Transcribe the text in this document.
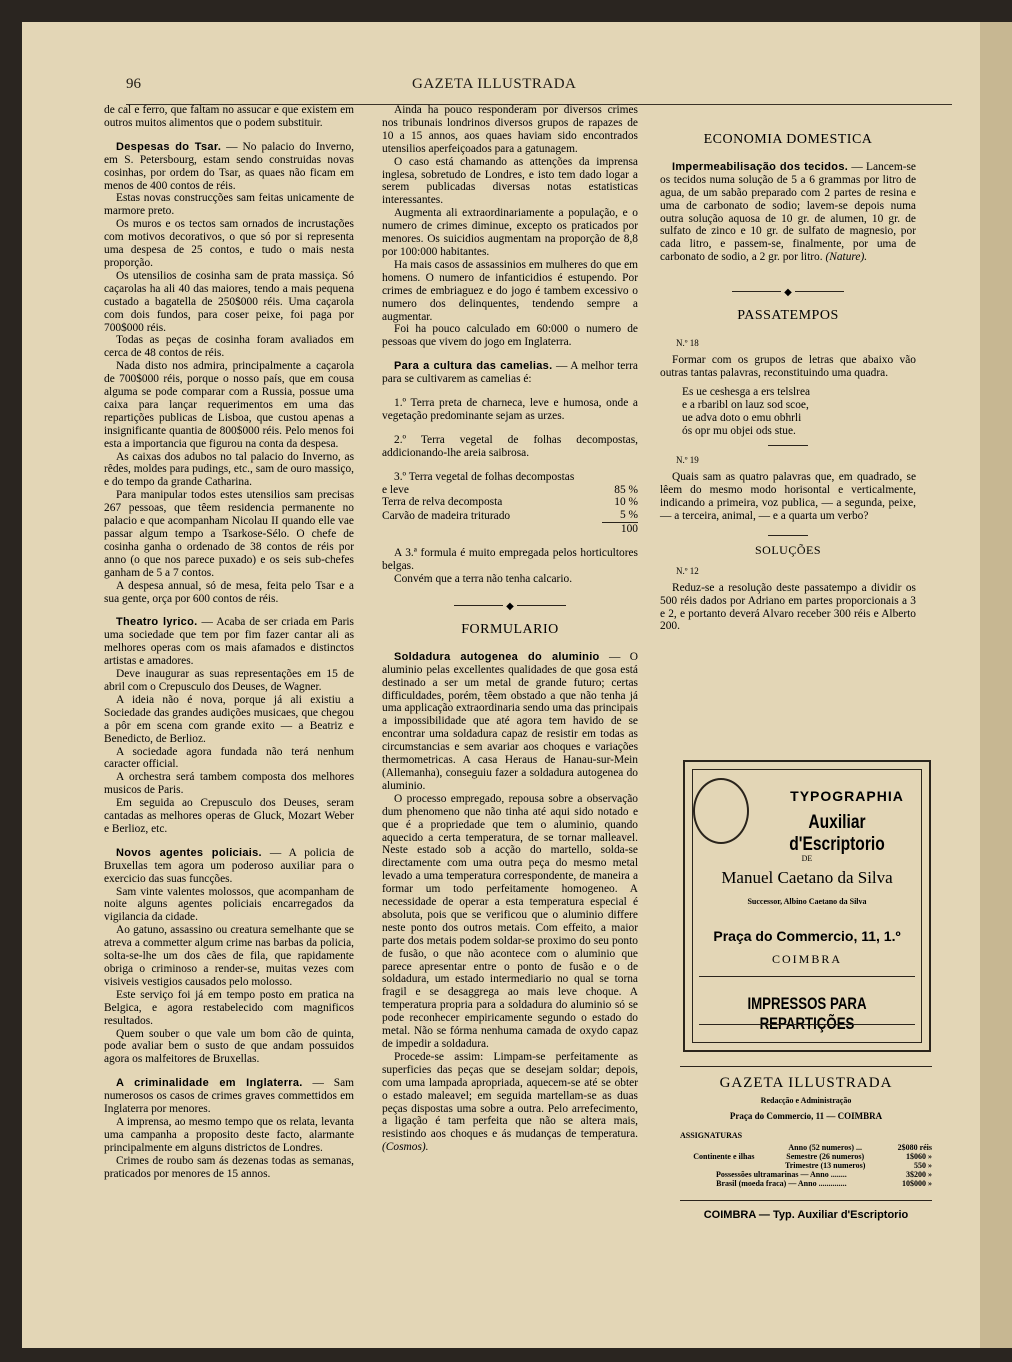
96	GAZETA ILLUSTRADA

de cal e ferro, que faltam no assucar e que existem em outros muitos alimentos que o podem substituir.

Despesas do Tsar. — No palacio do Inverno, em S. Petersbourg, estam sendo construidas novas cosinhas, por ordem do Tsar, as quaes não ficam em menos de 400 contos de réis.

Estas novas construcções sam feitas unicamente de marmore preto.

Os muros e os tectos sam ornados de incrustações com motivos decorativos, o que só por si representa uma despesa de 25 contos, e tudo o mais nesta proporção.

Os utensilios de cosinha sam de prata massiça. Só caçarolas ha ali 40 das maiores, tendo a mais pequena custado a bagatella de 250$000 réis. Uma caçarola com dois fundos, para coser peixe, foi paga por 700$000 réis.

Todas as peças de cosinha foram avaliados em cerca de 48 contos de réis.

Nada disto nos admira, principalmente a caçarola de 700$000 réis, porque o nosso país, que em cousa alguma se pode comparar com a Russia, possue uma caixa para lançar requerimentos em uma das repartições publicas de Lisboa, que custou apenas a insignificante quantia de 800$000 réis. Pelo menos foi esta a importancia que figurou na conta da despesa.

As caixas dos adubos no tal palacio do Inverno, as rêdes, moldes para pudings, etc., sam de ouro massiço, e do tempo da grande Catharina.

Para manipular todos estes utensilios sam precisas 267 pessoas, que têem residencia permanente no palacio e que acompanham Nicolau II quando elle vae passar algum tempo a Tsarkose-Sélo. O chefe de cosinha ganha o ordenado de 38 contos de réis por anno (o que nos parece puxado) e os seis sub-chefes ganham de 5 a 7 contos.

A despesa annual, só de mesa, feita pelo Tsar e a sua gente, orça por 600 contos de réis.

Theatro lyrico. — Acaba de ser criada em Paris uma sociedade que tem por fim fazer cantar ali as melhores operas com os mais afamados e distinctos artistas e amadores.

Deve inaugurar as suas representações em 15 de abril com o Crepusculo dos Deuses, de Wagner.

A ideia não é nova, porque já ali existiu a Sociedade das grandes audições musicaes, que chegou a pôr em scena com grande exito — a Beatriz e Benedicto, de Berlioz.

A sociedade agora fundada não terá nenhum caracter official.

A orchestra será tambem composta dos melhores musicos de Paris.

Em seguida ao Crepusculo dos Deuses, seram cantadas as melhores operas de Gluck, Mozart Weber e Berlioz, etc.

Novos agentes policiais. — A policia de Bruxellas tem agora um poderoso auxiliar para o exercicio das suas funcções.

Sam vinte valentes molossos, que acompanham de noite alguns agentes policiais encarregados da vigilancia da cidade.

Ao gatuno, assassino ou creatura semelhante que se atreva a commetter algum crime nas barbas da policia, solta-se-lhe um dos cães de fila, que rapidamente obriga o criminoso a render-se, muitas vezes com visiveis vestigios causados pelo molosso.

Este serviço foi já em tempo posto em pratica na Belgica, e agora restabelecido com magnificos resultados.

Quem souber o que vale um bom cão de quinta, pode avaliar bem o susto de que andam possuidos agora os malfeitores de Bruxellas.

A criminalidade em Inglaterra. — Sam numerosos os casos de crimes graves commettidos em Inglaterra por menores.

A imprensa, ao mesmo tempo que os relata, levanta uma campanha a proposito deste facto, alarmante principalmente em alguns districtos de Londres.

Crimes de roubo sam ás dezenas todas as semanas, praticados por menores de 15 annos.

Ainda ha pouco responderam por diversos crimes nos tribunais londrinos diversos grupos de rapazes de 10 a 15 annos, aos quaes haviam sido encontrados utensilios aperfeiçoados para a gatunagem.

O caso está chamando as attenções da imprensa inglesa, sobretudo de Londres, e isto tem dado logar a serem publicadas diversas notas estatisticas interessantes.

Augmenta ali extraordinariamente a população, e o numero de crimes diminue, excepto os praticados por menores. Os suicidios augmentam na proporção de 8,8 por 100:000 habitantes.

Ha mais casos de assassinios em mulheres do que em homens. O numero de infanticidios é estupendo. Por crimes de embriaguez e do jogo é tambem excessivo o numero dos delinquentes, tendendo sempre a augmentar.

Foi ha pouco calculado em 60:000 o numero de pessoas que vivem do jogo em Inglaterra.

Para a cultura das camelias. — A melhor terra para se cultivarem as camelias é:

1.º Terra preta de charneca, leve e humosa, onde a vegetação predominante sejam as urzes.

2.º Terra vegetal de folhas decompostas, addicionando-lhe areia saibrosa.

3.º Terra vegetal de folhas decompostas

e leve	85 %
Terra de relva decomposta	10 %
Carvão de madeira triturado	5 %
	100

A 3.ª formula é muito empregada pelos horticultores belgas.

Convém que a terra não tenha calcario.

◆
FORMULARIO

Soldadura autogenea do aluminio — O aluminio pelas excellentes qualidades de que gosa está destinado a ser um metal de grande futuro; certas difficuldades, porém, têem obstado a que não tenha já uma applicação extraordinaria sendo uma das principais a impossibilidade que até agora tem havido de se encontrar uma soldadura capaz de resistir em todas as circumstancias e sem avariar aos choques e variações thermometricas. A casa Heraus de Hanau-sur-Mein (Allemanha), conseguiu fazer a soldadura autogenea do aluminio.

O processo empregado, repousa sobre a observação dum phenomeno que não tinha até aqui sido notado e que é a propriedade que tem o aluminio, quando aquecido a certa temperatura, de se tornar malleavel. Neste estado sob a acção do martello, solda-se directamente com uma outra peça do mesmo metal levado a uma temperatura correspondente, de maneira a formar um todo perfeitamente homogeneo. A necessidade de operar a esta temperatura especial é absoluta, pois que se verificou que o aluminio differe neste ponto dos outros metais. Com effeito, a maior parte dos metais podem soldar-se proximo do seu ponto de fusão, o que não acontece com o aluminio que parece apresentar entre o ponto de fusão e o de soldadura, um estado intermediario no qual se torna fragil e se desaggrega ao mais leve choque. A temperatura propria para a soldadura do aluminio só se pode reconhecer empiricamente segundo o estado do metal. Não se fórma nenhuma camada de oxydo capaz de impedir a soldadura.

Procede-se assim: Limpam-se perfeitamente as superficies das peças que se desejam soldar; depois, com uma lampada apropriada, aquecem-se até se obter o estado maleavel; em seguida martellam-se as duas peças dispostas uma sobre a outra. Pelo arrefecimento, a ligação é tam perfeita que não se altera mais, resistindo aos choques e ás mudanças de temperatura. (Cosmos).

ECONOMIA DOMESTICA

Impermeabilisação dos tecidos. — Lancem-se os tecidos numa solução de 5 a 6 grammas por litro de agua, de um sabão preparado com 2 partes de resina e uma de carbonato de sodio; lavem-se depois numa outra solução aquosa de 10 gr. de alumen, 10 gr. de sulfato de zinco e 10 gr. de sulfato de magnesio, por cada litro, e passem-se, finalmente, por uma de carbonato de sodio, a 2 gr. por litro. (Nature).

◆
PASSATEMPOS
N.º 18

Formar com os grupos de letras que abaixo vão outras tantas palavras, reconstituindo uma quadra.

Es ue ceshesga a ers telslrea
e a rbaribl on lauz sod scoe,
ue adva doto o emu obhrli
ós opr mu objei ods stue.
N.º 19

Quais sam as quatro palavras que, em quadrado, se lêem do mesmo modo horisontal e verticalmente, indicando a primeira, voz publica, — a segunda, peixe, — a terceira, animal, — e a quarta um verbo?

SOLUÇÕES
N.º 12

Reduz-se a resolução deste passatempo a dividir os 500 réis dados por Adriano em partes proporcionais a 3 e 2, e portanto deverá Alvaro receber 300 réis e Alberto 200.

TYPOGRAPHIA
Auxiliar d'Escriptorio
DE
Manuel Caetano da Silva
Successor, Albino Caetano da Silva
Praça do Commercio, 11, 1.º
COIMBRA
IMPRESSOS PARA REPARTIÇÕES
GAZETA ILLUSTRADA
Redacção e Administração
Praça do Commercio, 11 — COIMBRA
ASSIGNATURAS
Continente e ilhas	Anno (52 numeros) ...	2$080 réis
	Semestre (26 numeros)	1$060 »
	Trimestre (13 numeros)	550 »
Possessões ultramarinas — Anno ........		3$200 »
Brasil (moeda fraca) — Anno ..............		10$000 »
COIMBRA — Typ. Auxiliar d'Escriptorio
